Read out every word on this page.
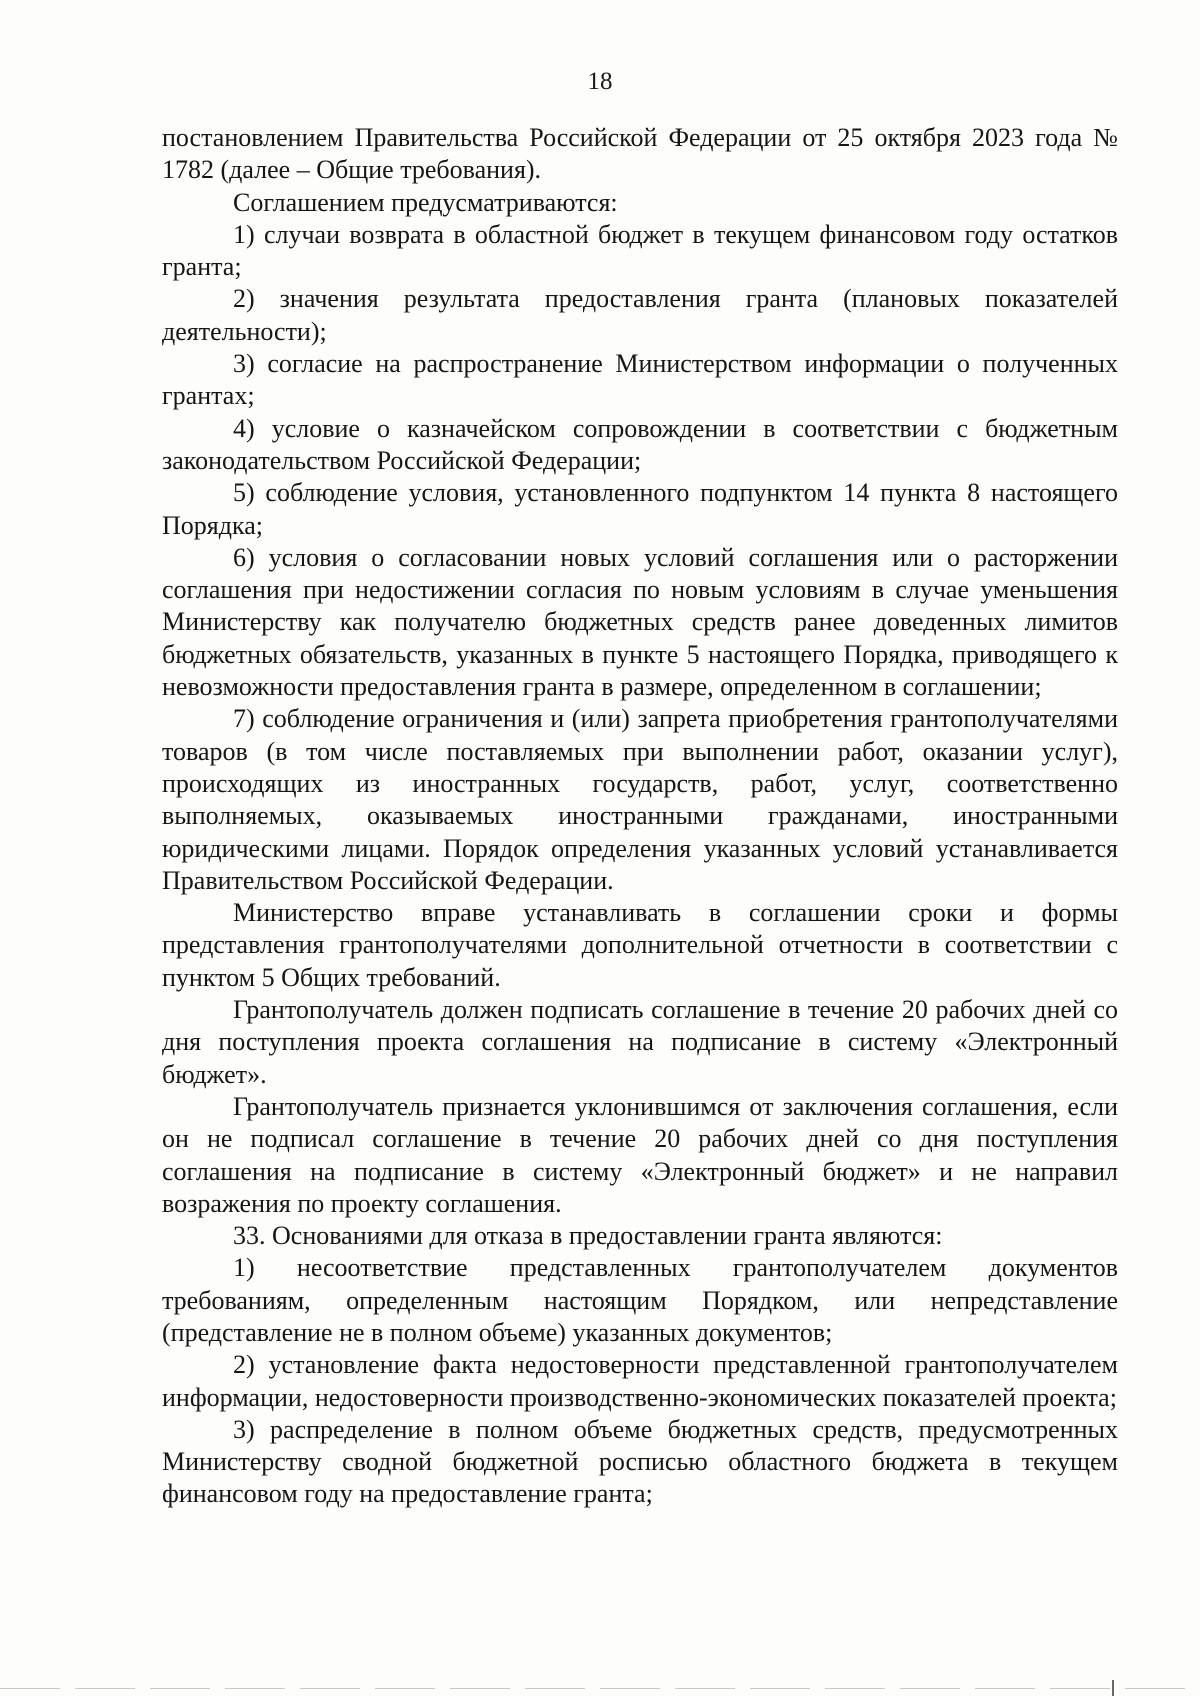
18

постановлением Правительства Российской Федерации от 25 октября 2023 года № 1782 (далее – Общие требования).

Соглашением предусматриваются:

1) случаи возврата в областной бюджет в текущем финансовом году остатков гранта;

2) значения результата предоставления гранта (плановых показателей деятельности);

3) согласие на распространение Министерством информации о полученных грантах;

4) условие о казначейском сопровождении в соответствии с бюджетным законодательством Российской Федерации;

5) соблюдение условия, установленного подпунктом 14 пункта 8 настоящего Порядка;

6) условия о согласовании новых условий соглашения или о расторжении соглашения при недостижении согласия по новым условиям в случае уменьшения Министерству как получателю бюджетных средств ранее доведенных лимитов бюджетных обязательств, указанных в пункте 5 настоящего Порядка, приводящего к невозможности предоставления гранта в размере, определенном в соглашении;

7) соблюдение ограничения и (или) запрета приобретения грантополучателями товаров (в том числе поставляемых при выполнении работ, оказании услуг), происходящих из иностранных государств, работ, услуг, соответственно выполняемых, оказываемых иностранными гражданами, иностранными юридическими лицами. Порядок определения указанных условий устанавливается Правительством Российской Федерации.

Министерство вправе устанавливать в соглашении сроки и формы представления грантополучателями дополнительной отчетности в соответствии с пунктом 5 Общих требований.

Грантополучатель должен подписать соглашение в течение 20 рабочих дней со дня поступления проекта соглашения на подписание в систему «Электронный бюджет».

Грантополучатель признается уклонившимся от заключения соглашения, если он не подписал соглашение в течение 20 рабочих дней со дня поступления соглашения на подписание в систему «Электронный бюджет» и не направил возражения по проекту соглашения.

33. Основаниями для отказа в предоставлении гранта являются:

1) несоответствие представленных грантополучателем документов требованиям, определенным настоящим Порядком, или непредставление (представление не в полном объеме) указанных документов;

2) установление факта недостоверности представленной грантополучателем информации, недостоверности производственно-экономических показателей проекта;

3) распределение в полном объеме бюджетных средств, предусмотренных Министерству сводной бюджетной росписью областного бюджета в текущем финансовом году на предоставление гранта;
